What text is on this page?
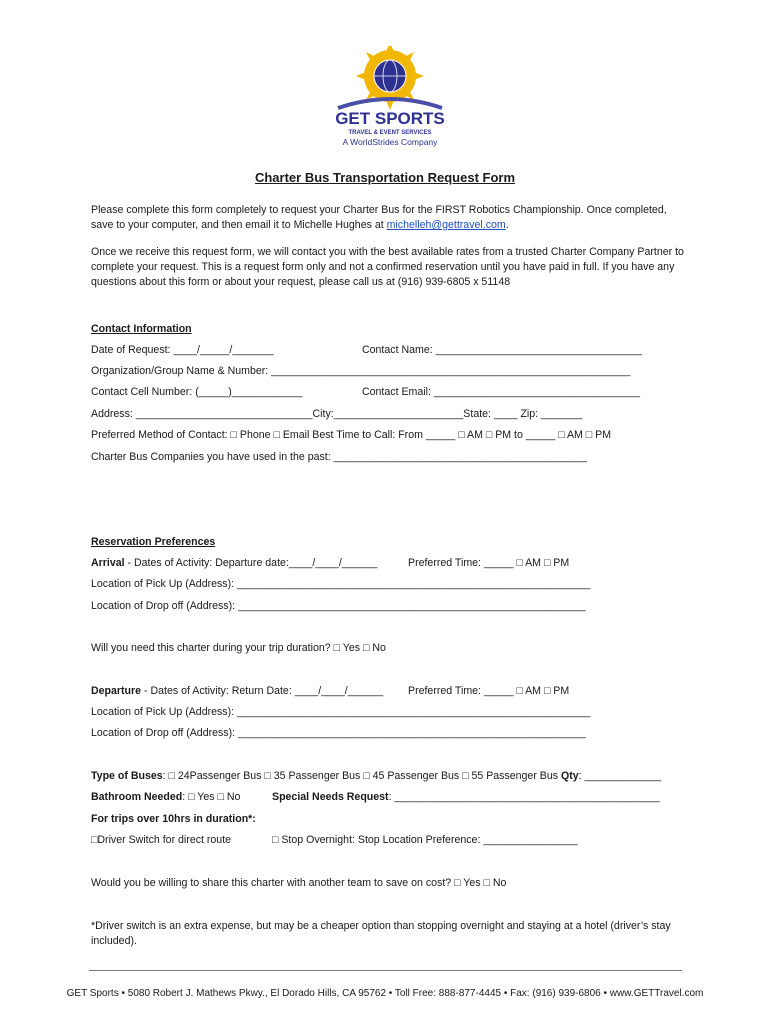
GET SPORTS
TRAVEL & EVENT SERVICES
A WorldStrides Company
Charter Bus Transportation Request Form
Please complete this form completely to request your Charter Bus for the FIRST Robotics Championship. Once completed, save to your computer, and then email it to Michelle Hughes at michelleh@gettravel.com.
Once we receive this request form, we will contact you with the best available rates from a trusted Charter Company Partner to complete your request. This is a request form only and not a confirmed reservation until you have paid in full. If you have any questions about this form or about your request, please call us at (916) 939-6805 x 51148
Contact Information
Date of Request: ____/_____/_______	Contact Name: ___________________________________
Organization/Group Name & Number: _____________________________________________________________
Contact Cell Number: (_____)____________	Contact Email: ___________________________________
Address: ______________________________City:______________________State: ____ Zip: _______
Preferred Method of Contact: □ Phone □ Email Best Time to Call: From _____ □ AM □ PM to _____ □ AM □ PM
Charter Bus Companies you have used in the past: ___________________________________________
Reservation Preferences
Arrival - Dates of Activity: Departure date:____/____/______	Preferred Time: _____ □ AM □ PM
Location of Pick Up (Address): ____________________________________________________________
Location of Drop off (Address): ___________________________________________________________
Will you need this charter during your trip duration? □ Yes □ No
Departure - Dates of Activity: Return Date: ____/____/______ Preferred Time: _____ □ AM □ PM
Location of Pick Up (Address): ____________________________________________________________
Location of Drop off (Address): ___________________________________________________________
Type of Buses: □ 24Passenger Bus □ 35 Passenger Bus □ 45 Passenger Bus □ 55 Passenger Bus Qty: _____________
Bathroom Needed: □ Yes □ No	Special Needs Request: _____________________________________________
For trips over 10hrs in duration*:
□Driver Switch for direct route	□ Stop Overnight: Stop Location Preference: ________________
Would you be willing to share this charter with another team to save on cost? □ Yes □ No
*Driver switch is an extra expense, but may be a cheaper option than stopping overnight and staying at a hotel (driver’s stay included).
GET Sports • 5080 Robert J. Mathews Pkwy., El Dorado Hills, CA 95762 • Toll Free: 888-877-4445 • Fax: (916) 939-6806 • www.GETTravel.com
